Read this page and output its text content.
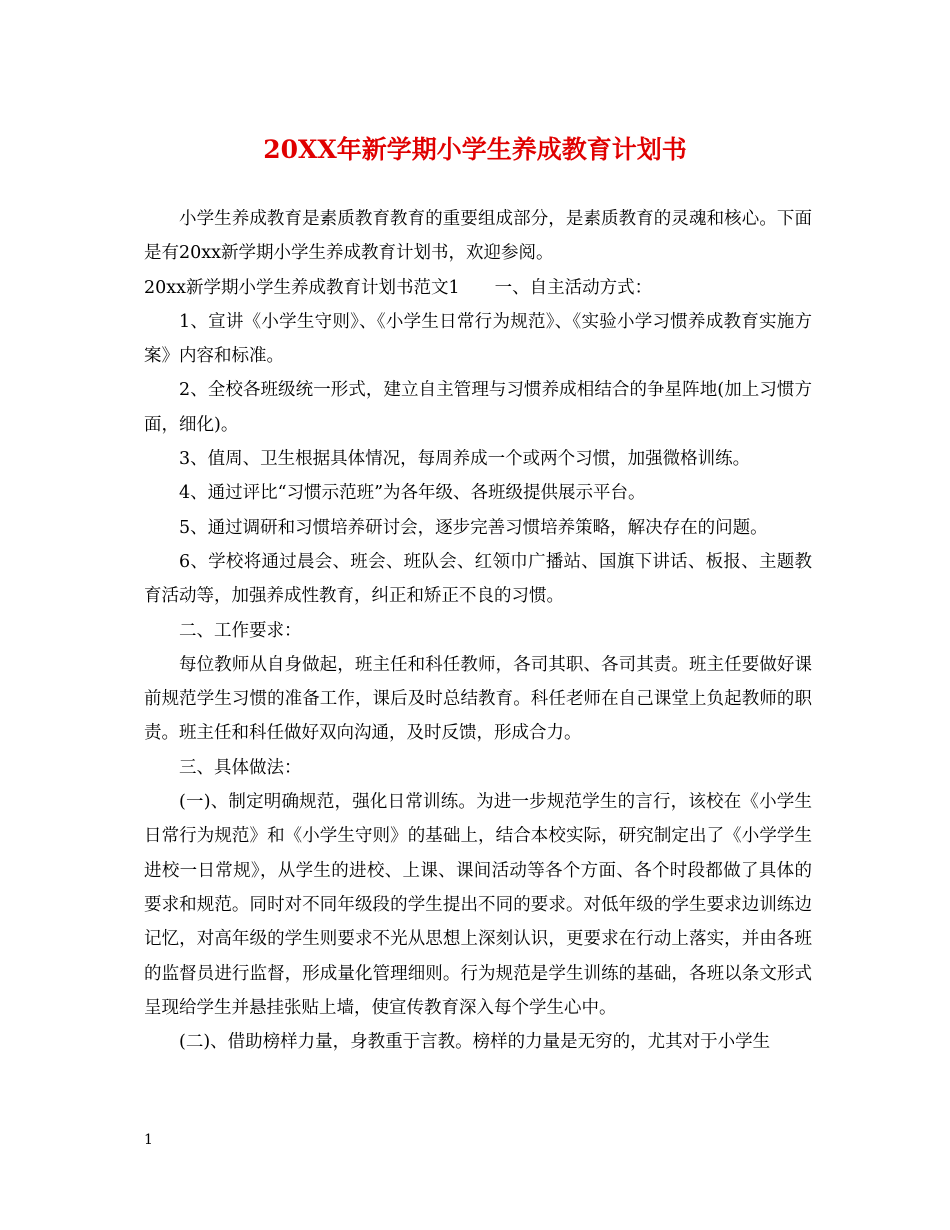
20XX年新学期小学生养成教育计划书

小学生养成教育是素质教育教育的重要组成部分，是素质教育的灵魂和核心。下面是有20xx新学期小学生养成教育计划书，欢迎参阅。

20xx新学期小学生养成教育计划书范文1　　一、自主活动方式：

1、宣讲《小学生守则》、《小学生日常行为规范》、《实验小学习惯养成教育实施方案》内容和标准。

2、全校各班级统一形式，建立自主管理与习惯养成相结合的争星阵地(加上习惯方面，细化)。

3、值周、卫生根据具体情况，每周养成一个或两个习惯，加强微格训练。

4、通过评比“习惯示范班”为各年级、各班级提供展示平台。

5、通过调研和习惯培养研讨会，逐步完善习惯培养策略，解决存在的问题。

6、学校将通过晨会、班会、班队会、红领巾广播站、国旗下讲话、板报、主题教育活动等，加强养成性教育，纠正和矫正不良的习惯。

二、工作要求：

每位教师从自身做起，班主任和科任教师，各司其职、各司其责。班主任要做好课前规范学生习惯的准备工作，课后及时总结教育。科任老师在自己课堂上负起教师的职责。班主任和科任做好双向沟通，及时反馈，形成合力。

三、具体做法：

(一)、制定明确规范，强化日常训练。为进一步规范学生的言行，该校在《小学生日常行为规范》和《小学生守则》的基础上，结合本校实际，研究制定出了《小学学生进校一日常规》，从学生的进校、上课、课间活动等各个方面、各个时段都做了具体的要求和规范。同时对不同年级段的学生提出不同的要求。对低年级的学生要求边训练边记忆，对高年级的学生则要求不光从思想上深刻认识，更要求在行动上落实，并由各班的监督员进行监督，形成量化管理细则。行为规范是学生训练的基础，各班以条文形式呈现给学生并悬挂张贴上墙，使宣传教育深入每个学生心中。

(二)、借助榜样力量，身教重于言教。榜样的力量是无穷的，尤其对于小学生

1
